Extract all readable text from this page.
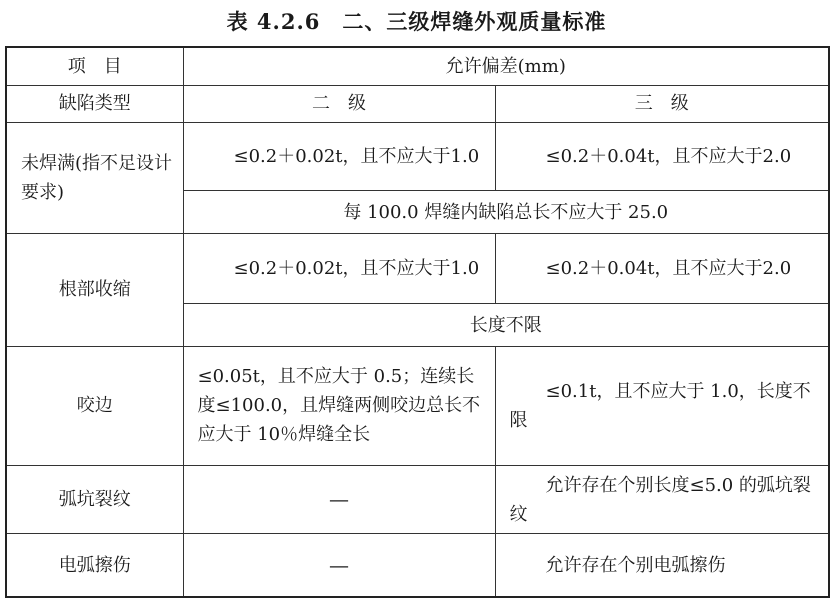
表 4.2.6　二、三级焊缝外观质量标准
项　目	允许偏差(mm)	
缺陷类型	二　级	三　级
未焊满(指不足设计要求)	≤0.2＋0.02t，且不应大于1.0	≤0.2＋0.04t，且不应大于2.0
	每 100.0 焊缝内缺陷总长不应大于 25.0	
根部收缩	≤0.2＋0.02t，且不应大于1.0	≤0.2＋0.04t，且不应大于2.0
	长度不限	
咬边	≤0.05t，且不应大于 0.5；连续长度≤100.0，且焊缝两侧咬边总长不应大于 10％焊缝全长	≤0.1t，且不应大于 1.0，长度不限
弧坑裂纹	—	允许存在个别长度≤5.0 的弧坑裂纹
电弧擦伤	—	允许存在个别电弧擦伤
